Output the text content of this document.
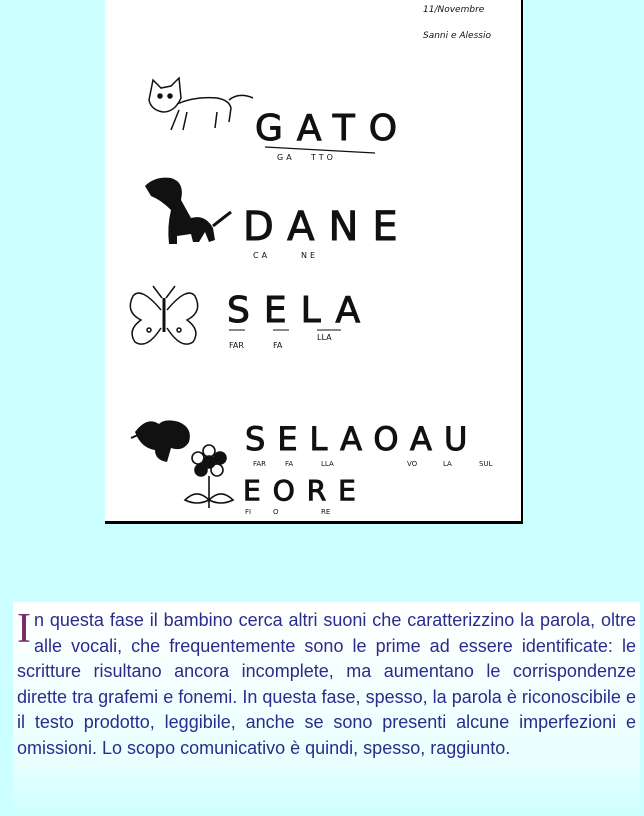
11/Novembre
Sanni e Alessio
GATO
GA TTO
DANE
CA	NE
SELA
FAR	FA
LLA
SELAOAU
FAR	FA	LLA	VO	LA	SUL
EORE
FI	O	RE
In questa fase il bambino cerca altri suoni che caratterizzino la parola, oltre alle vocali, che frequentemente sono le prime ad essere identificate: le scritture risultano ancora incomplete, ma aumentano le corrispondenze dirette tra grafemi e fonemi. In questa fase, spesso, la parola è riconoscibile e il testo prodotto, leggibile, anche se sono presenti alcune imperfezioni e omissioni. Lo scopo comunicativo è quindi, spesso, raggiunto.
